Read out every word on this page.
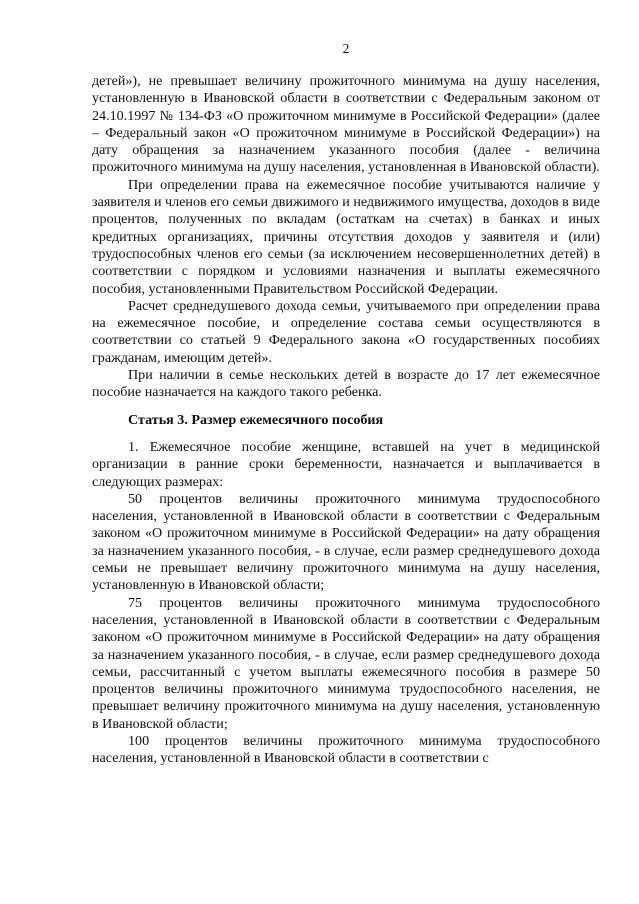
2

детей»), не превышает величину прожиточного минимума на душу населения, установленную в Ивановской области в соответствии с Федеральным законом от 24.10.1997 № 134-ФЗ «О прожиточном минимуме в Российской Федерации» (далее – Федеральный закон «О прожиточном минимуме в Российской Федерации») на дату обращения за назначением указанного пособия (далее - величина прожиточного минимума на душу населения, установленная в Ивановской области).

При определении права на ежемесячное пособие учитываются наличие у заявителя и членов его семьи движимого и недвижимого имущества, доходов в виде процентов, полученных по вкладам (остаткам на счетах) в банках и иных кредитных организациях, причины отсутствия доходов у заявителя и (или) трудоспособных членов его семьи (за исключением несовершеннолетних детей) в соответствии с порядком и условиями назначения и выплаты ежемесячного пособия, установленными Правительством Российской Федерации.

Расчет среднедушевого дохода семьи, учитываемого при определении права на ежемесячное пособие, и определение состава семьи осуществляются в соответствии со статьей 9 Федерального закона «О государственных пособиях гражданам, имеющим детей».

При наличии в семье нескольких детей в возрасте до 17 лет ежемесячное пособие назначается на каждого такого ребенка.

Статья 3. Размер ежемесячного пособия

1. Ежемесячное пособие женщине, вставшей на учет в медицинской организации в ранние сроки беременности, назначается и выплачивается в следующих размерах:

50 процентов величины прожиточного минимума трудоспособного населения, установленной в Ивановской области в соответствии с Федеральным законом «О прожиточном минимуме в Российской Федерации» на дату обращения за назначением указанного пособия, - в случае, если размер среднедушевого дохода семьи не превышает величину прожиточного минимума на душу населения, установленную в Ивановской области;

75 процентов величины прожиточного минимума трудоспособного населения, установленной в Ивановской области в соответствии с Федеральным законом «О прожиточном минимуме в Российской Федерации» на дату обращения за назначением указанного пособия, - в случае, если размер среднедушевого дохода семьи, рассчитанный с учетом выплаты ежемесячного пособия в размере 50 процентов величины прожиточного минимума трудоспособного населения, не превышает величину прожиточного минимума на душу населения, установленную в Ивановской области;

100 процентов величины прожиточного минимума трудоспособного населения, установленной в Ивановской области в соответствии с
